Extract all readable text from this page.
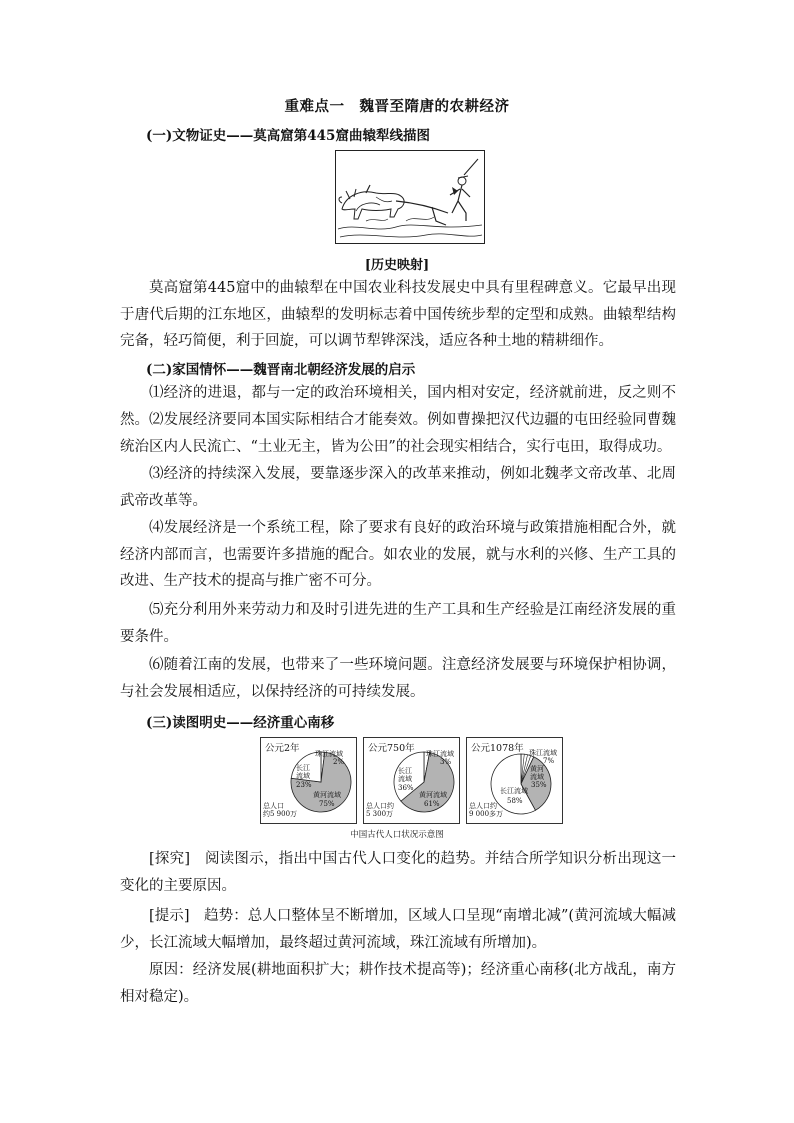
重难点一　魏晋至隋唐的农耕经济
(一)文物证史——莫高窟第445窟曲辕犁线描图
[历史映射]
莫高窟第445窟中的曲辕犁在中国农业科技发展史中具有里程碑意义。它最早出现于唐代后期的江东地区，曲辕犁的发明标志着中国传统步犁的定型和成熟。曲辕犁结构完备，轻巧简便，利于回旋，可以调节犁铧深浅，适应各种土地的精耕细作。
(二)家国情怀——魏晋南北朝经济发展的启示
⑴经济的进退，都与一定的政治环境相关，国内相对安定，经济就前进，反之则不然。 ⑵发展经济要同本国实际相结合才能奏效。例如曹操把汉代边疆的屯田经验同曹魏统治区内人民流亡、“土业无主，皆为公田”的社会现实相结合，实行屯田，取得成功。
⑶经济的持续深入发展，要靠逐步深入的改革来推动，例如北魏孝文帝改革、北周武帝改革等。
⑷发展经济是一个系统工程，除了要求有良好的政治环境与政策措施相配合外，就经济内部而言，也需要许多措施的配合。如农业的发展，就与水利的兴修、生产工具的改进、生产技术的提高与推广密不可分。
⑸充分利用外来劳动力和及时引进先进的生产工具和生产经验是江南经济发展的重要条件。
⑹随着江南的发展，也带来了一些环境问题。注意经济发展要与环境保护相协调，与社会发展相适应，以保持经济的可持续发展。
(三)读图明史——经济重心南移
公元2年
总人口
约5 900万
珠江流域
2%
长江流域
23%
黄河流域
75%
公元750年
总人口约
5 300万
珠江流域
3%
长江流域
36%
黄河流域
61%
公元1078年
总人口约
9 000多万
珠江流域
7%
黄河流域
35%
长江流域
58%
中国古代人口状况示意图
[探究]　阅读图示，指出中国古代人口变化的趋势。并结合所学知识分析出现这一变化的主要原因。
[提示]　趋势：总人口整体呈不断增加，区域人口呈现“南增北减”(黄河流域大幅减少，长江流域大幅增加，最终超过黄河流域，珠江流域有所增加)。
原因：经济发展(耕地面积扩大；耕作技术提高等)；经济重心南移(北方战乱，南方相对稳定)。
